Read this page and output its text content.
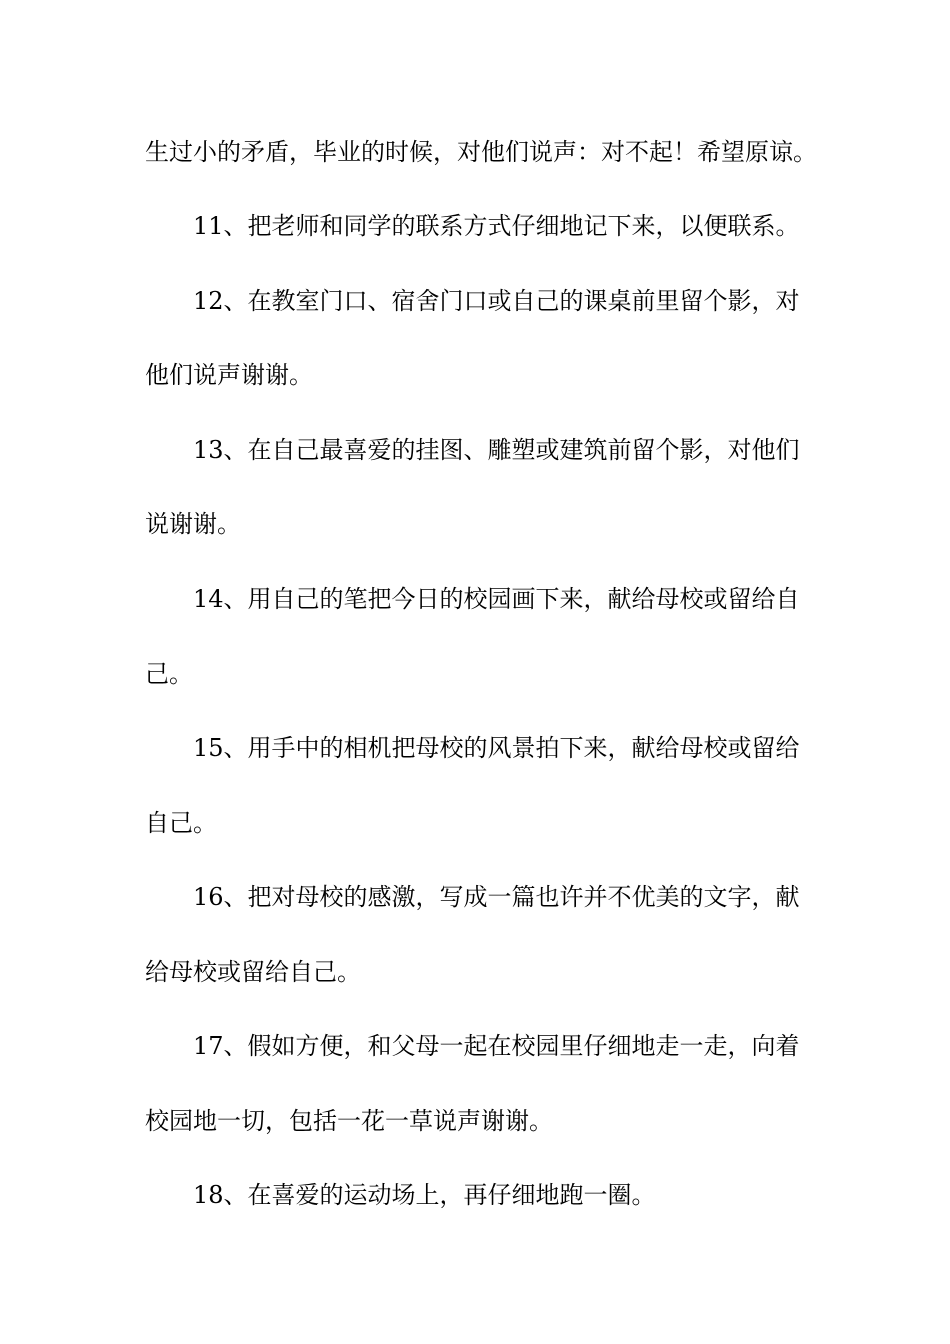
生过小的矛盾，毕业的时候，对他们说声：对不起！希望原谅。
11、把老师和同学的联系方式仔细地记下来，以便联系。
12、在教室门口、宿舍门口或自己的课桌前里留个影，对
他们说声谢谢。
13、在自己最喜爱的挂图、雕塑或建筑前留个影，对他们
说谢谢。
14、用自己的笔把今日的校园画下来，献给母校或留给自
己。
15、用手中的相机把母校的风景拍下来，献给母校或留给
自己。
16、把对母校的感激，写成一篇也许并不优美的文字，献
给母校或留给自己。
17、假如方便，和父母一起在校园里仔细地走一走，向着
校园地一切，包括一花一草说声谢谢。
18、在喜爱的运动场上，再仔细地跑一圈。
